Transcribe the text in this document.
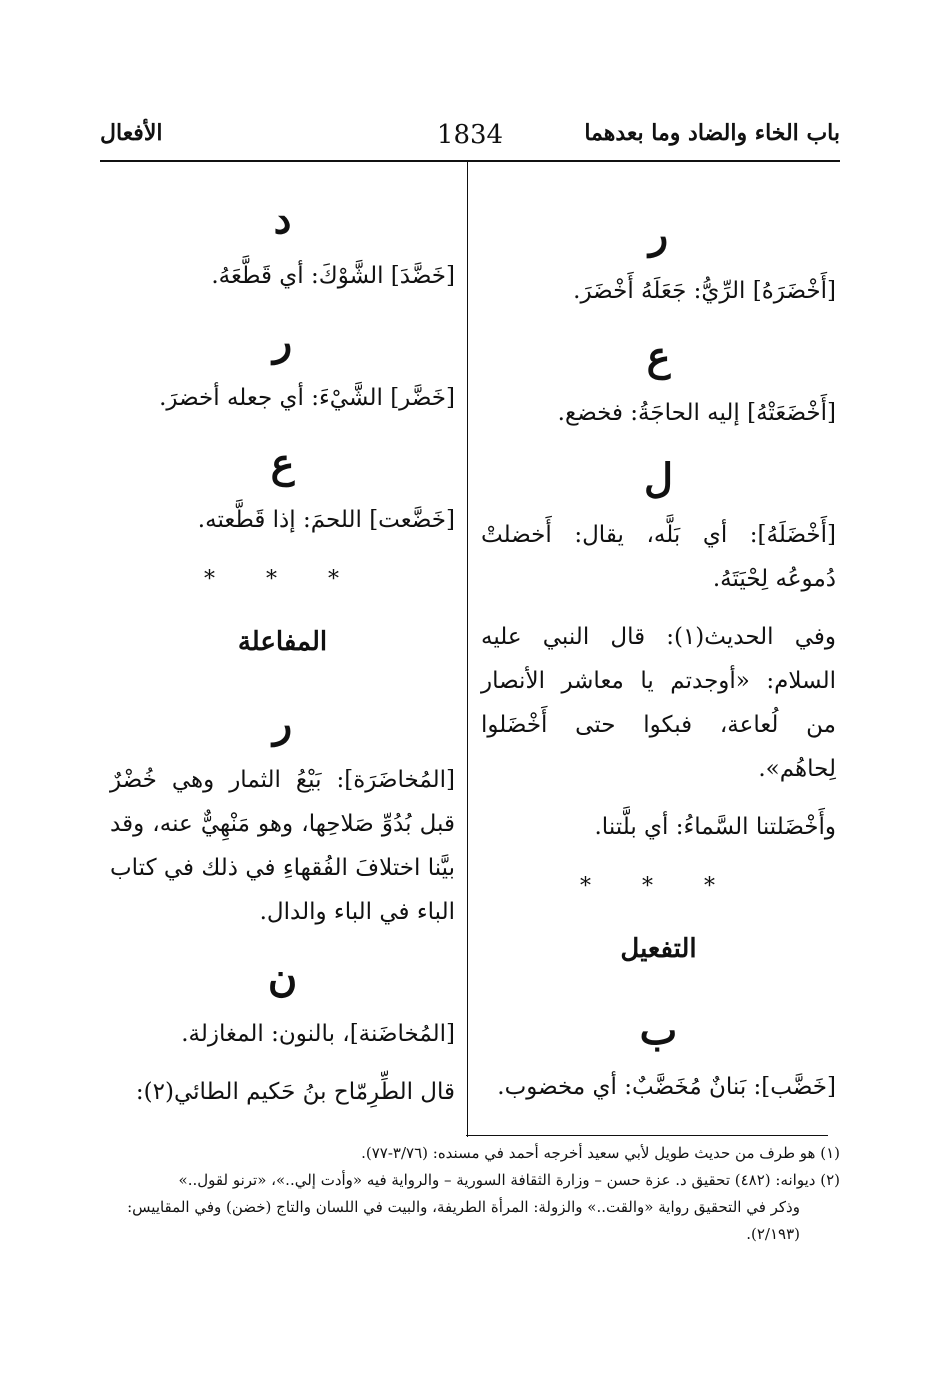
باب الخاء والضاد وما بعدهما
1834
الأفعال
ر
[أَخْضَرَهُ] الرِّيُّ: جَعَلَهُ أَخْضَرَ.
ع
[أَخْضَعَتْهُ] إليه الحاجَةُ: فخضع.
ل
[أَخْضَلَهُ]: أي بَلَّه، يقال: أَخضلتْ دُموعُه لِحْيَتَهُ.
وفي الحديث(١): قال النبي عليه السلام: «أوجدتم يا معاشر الأنصار من لُعاعة، فبكوا حتى أَخْضَلوا لِحاهُم».
وأَخْضَلتنا السَّماءُ: أي بلَّتنا.
* * *
التفعيل
ب
[خَضَّب]: بَنانٌ مُخَضَّبٌ: أي مخضوب.
د
[خَضَّدَ] الشَّوْكَ: أي قَطَّعَهُ.
ر
[خَضَّر] الشَّيْءَ: أي جعله أخضرَ.
ع
[خَضَّعت] اللحمَ: إذا قَطَّعته.
* * *
المفاعلة
ر
[المُخاضَرَة]: بَيْعُ الثمار وهي خُضْرٌ قبل بُدُوِّ صَلاحِها، وهو مَنْهِيٌّ عنه، وقد بيَّنا اختلافَ الفُقهاءِ في ذلك في كتاب الباء في الباء والدال.
ن
[المُخاضَنة]، بالنون: المغازلة.
قال الطِّرِمّاح بنُ حَكيم الطائي(٢):

(١) هو طرف من حديث طويل لأبي سعيد أخرجه أحمد في مسنده: (٣/٧٦-٧٧).

(٢) ديوانه: (٤٨٢) تحقيق د. عزة حسن – وزارة الثقافة السورية – والرواية فيه «وأدت إلي..»، «ترنو لقول..»

وذكر في التحقيق رواية «والقت..» والزولة: المرأة الطريفة، والبيت في اللسان والتاج (خضن) وفي المقاييس:

(٢/١٩٣).
